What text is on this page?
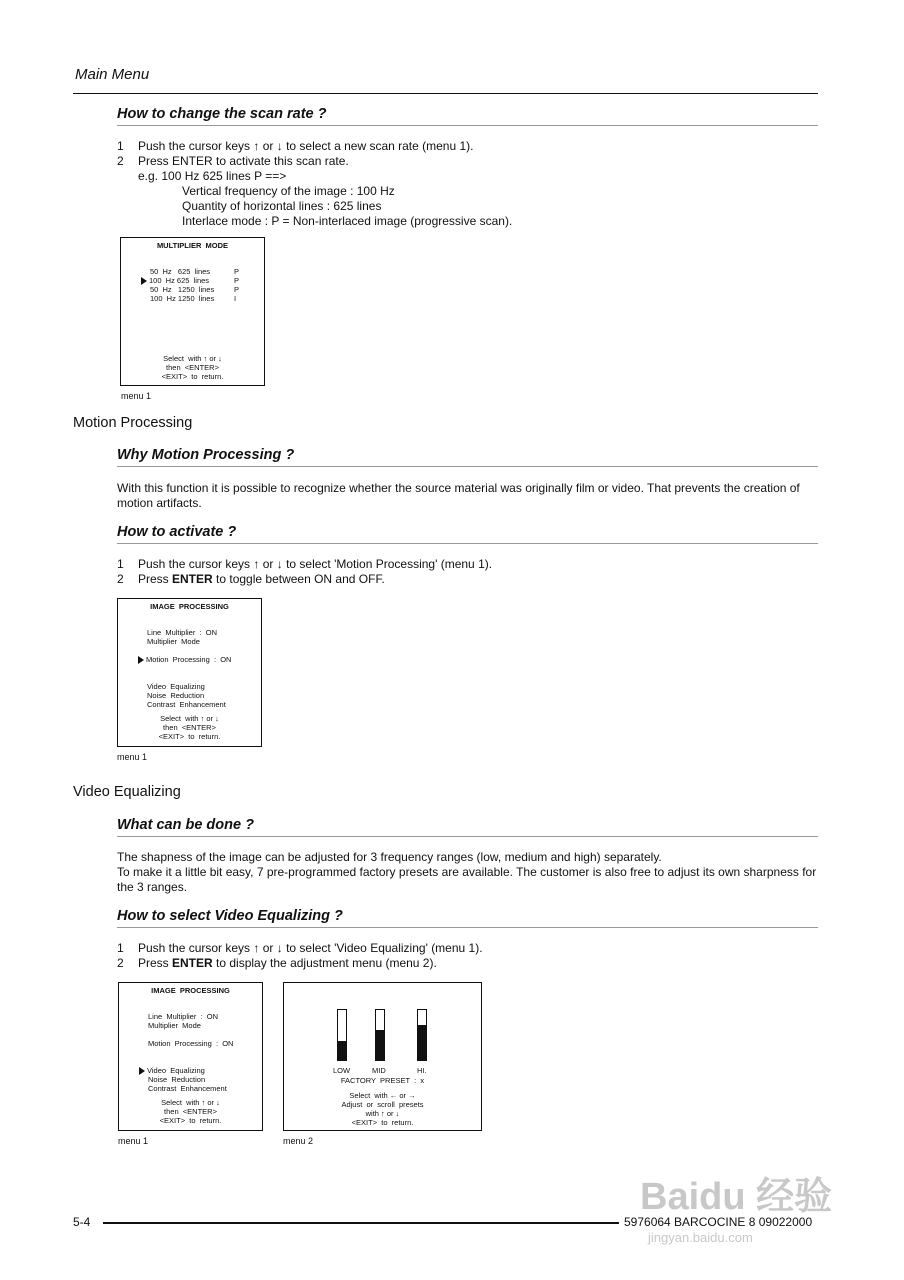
Main Menu
How to change the scan rate ?
1 Push the cursor keys ↑ or ↓ to select a new scan rate (menu 1).
2 Press ENTER to activate this scan rate.
e.g. 100 Hz 625 lines P ==>
Vertical frequency of the image : 100 Hz
Quantity of horizontal lines : 625 lines
Interlace mode : P = Non-interlaced image (progressive scan).
MULTIPLIER  MODE
50  Hz   625  lines	P
100  Hz 625  lines	P
50  Hz   1250  lines	P
100  Hz 1250  lines	I
Select  with ↑ or ↓
then  <ENTER>
<EXIT>  to  return.
menu 1
Motion Processing
Why Motion Processing ?
With this function it is possible to recognize whether the source material was originally film or video. That prevents the creation of motion artifacts.
How to activate ?
1 Push the cursor keys ↑ or ↓ to select 'Motion Processing' (menu 1).
2 Press ENTER to toggle between ON and OFF.
IMAGE  PROCESSING
Line  Multiplier  :  ON
Multiplier  Mode
Motion  Processing  :  ON
Video  Equalizing
Noise  Reduction
Contrast  Enhancement
Select  with ↑ or ↓
then  <ENTER>
<EXIT>  to  return.
menu 1
Video Equalizing
What can be done ?
The shapness of the image can be adjusted for 3 frequency ranges (low, medium and high) separately.
To make it a little bit easy, 7 pre-programmed factory presets are available. The customer is also free to adjust its own sharpness for the 3 ranges.
How to select Video Equalizing ?
1 Push the cursor keys ↑ or ↓ to select 'Video Equalizing' (menu 1).
2 Press ENTER to display the adjustment menu (menu 2).
IMAGE  PROCESSING
Line  Multiplier  :  ON
Multiplier  Mode
Motion  Processing  :  ON
Video  Equalizing
Noise  Reduction
Contrast  Enhancement
Select  with ↑ or ↓
then  <ENTER>
<EXIT>  to  return.
menu 1
LOW	MID	HI.
FACTORY  PRESET  :  x
Select  with ← or →
Adjust  or  scroll  presets
with ↑ or ↓
<EXIT>  to  return.
menu 2
Baidu 经验
jingyan.baidu.com
5-4	5976064 BARCOCINE 8 09022000
